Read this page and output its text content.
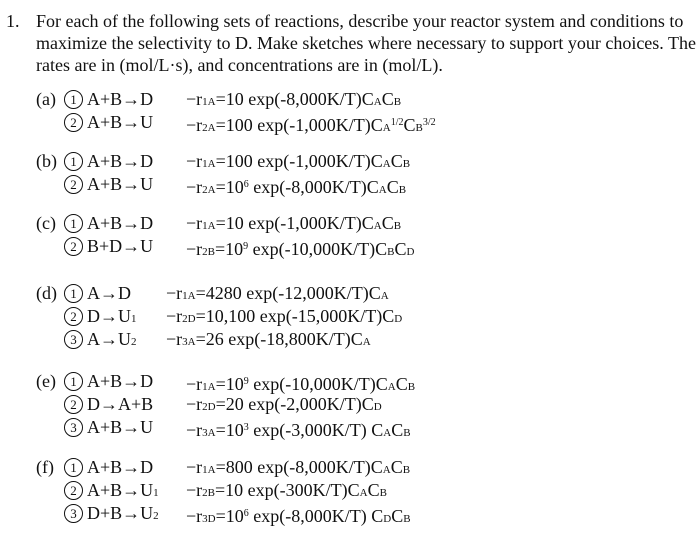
1. For each of the following sets of reactions, describe your reactor system and conditions to
maximize the selectivity to D. Make sketches where necessary to support your choices. The
rates are in (mol/L·s), and concentrations are in (mol/L).

(a)	1 A+B→D −r1A=10 exp(-8,000K/T)CACB
2 A+B→U −r2A=100 $\exp(-1,000K/T)CA^{1/2}CB^{3/2}$
(b)	1 A+B→D −r1A=100 exp(-1,000K/T)CACB
2 $A+B\to U -r2A=10^6$ exp(-8,000K/T)CACB
(c)	1 A+B→D −r1A=10 exp(-1,000K/T)CACB
2 $B+D\to U -r2B=10^9$ exp(-10,000K/T)CBCD
(d)	1 A→D −r1A=4280 exp(-12,000K/T)CA
2 D→U1 −r2D=10,100 exp(-15,000K/T)CD
3 A→U2 −r3A=26 exp(-18,800K/T)CA
(e)	1 $A+B\to D -r1A=10^9$ exp(-10,000K/T)CACB
2 D→A+B −r2D=20 exp(-2,000K/T)CD
3 $A+B\to U -r3A=10^3$ exp(-3,000K/T) CACB
(f)	1 A+B→D −r1A=800 exp(-8,000K/T)CACB
2 A+B→U1 −r2B=10 exp(-300K/T)CACB
3 $D+B\to U2 -r3D=10^6$ exp(-8,000K/T) CDCB
